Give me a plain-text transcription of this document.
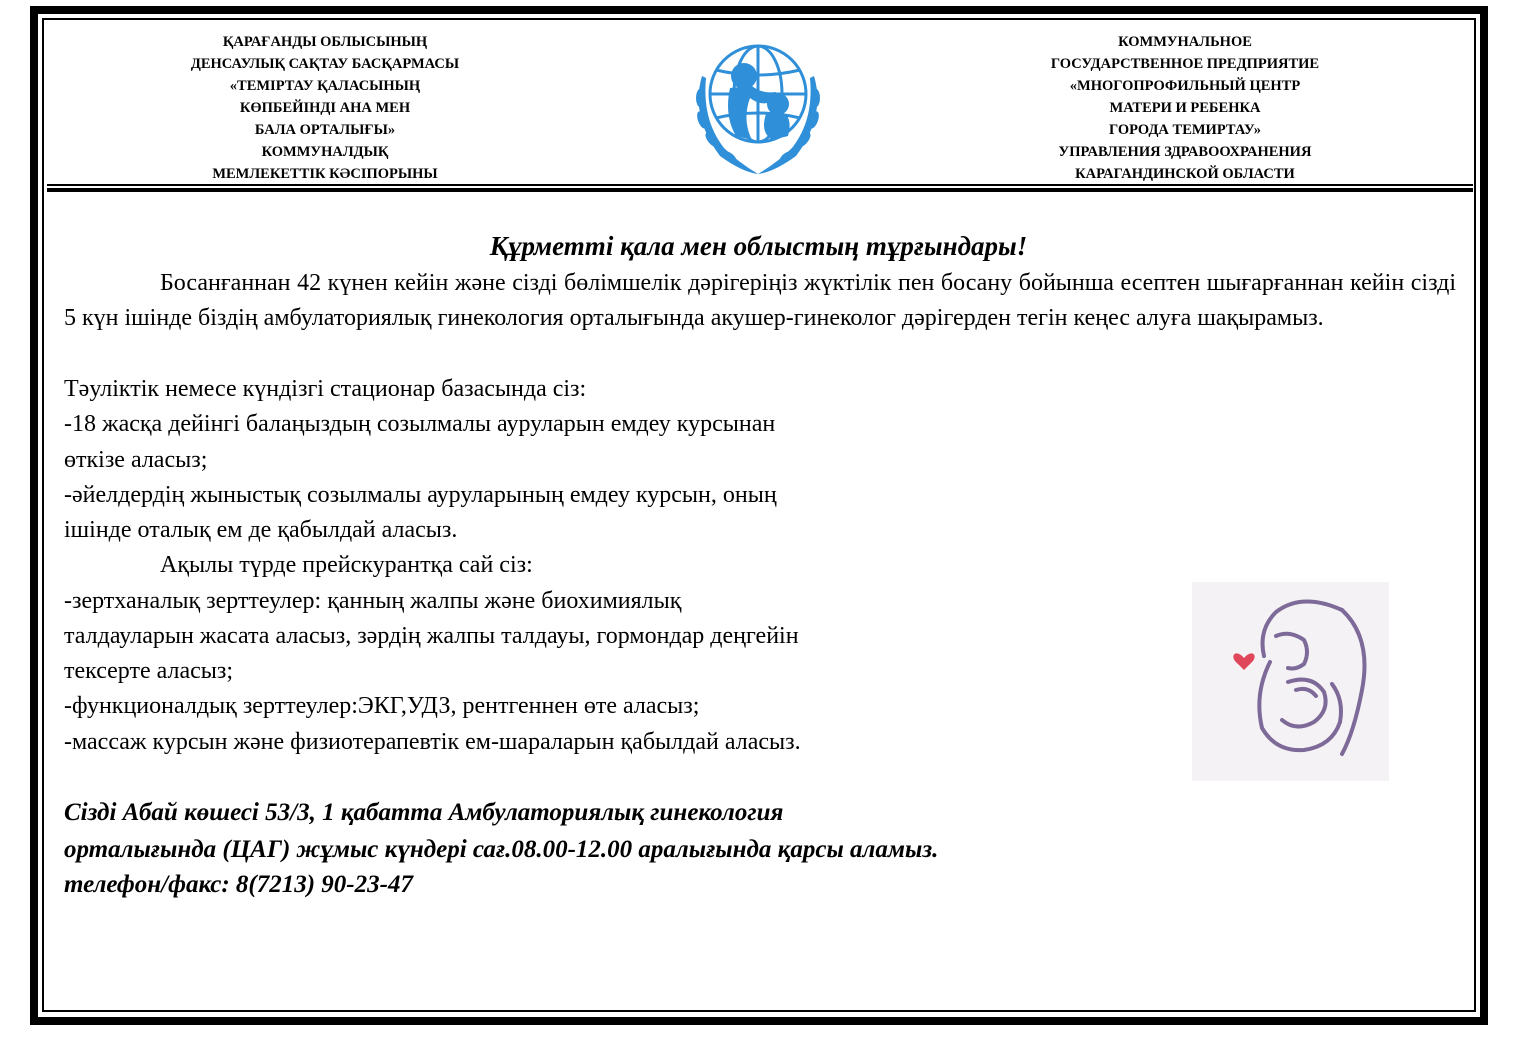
ҚАРАҒАНДЫ ОБЛЫСЫНЫҢ
ДЕНСАУЛЫҚ САҚТАУ БАСҚАРМАСЫ
«ТЕМІРТАУ ҚАЛАСЫНЫҢ
КӨПБЕЙІНДІ АНА МЕН
БАЛА ОРТАЛЫҒЫ»
КОММУНАЛДЫҚ
МЕМЛЕКЕТТІК КӘСІПОРЫНЫ
КОММУНАЛЬНОЕ
ГОСУДАРСТВЕННОЕ ПРЕДПРИЯТИЕ
«МНОГОПРОФИЛЬНЫЙ ЦЕНТР
МАТЕРИ И РЕБЕНКА
ГОРОДА ТЕМИРТАУ»
УПРАВЛЕНИЯ ЗДРАВООХРАНЕНИЯ
КАРАГАНДИНСКОЙ ОБЛАСТИ
Құрметті қала мен облыстың тұрғындары!
Босанғаннан 42 күнен кейін және сізді бөлімшелік дәрігеріңіз жүктілік пен босану бойынша есептен шығарғаннан кейін сізді 5 күн ішінде біздің амбулаториялық гинекология орталығында акушер-гинеколог дәрігерден тегін кеңес алуға шақырамыз.
Тәуліктік немесе күндізгі стационар базасында сіз:
-18 жасқа дейінгі балаңыздың созылмалы ауруларын емдеу курсынан
өткізе аласыз;
-әйелдердің жыныстық созылмалы ауруларының емдеу курсын, оның
ішінде оталық ем де қабылдай аласыз.
Ақылы түрде прейскурантқа сай сіз:
-зертханалық зерттеулер: қанның жалпы және биохимиялық
талдауларын жасата аласыз, зәрдің жалпы талдауы, гормондар деңгейін
тексерте аласыз;
-функционалдық зерттеулер:ЭКГ,УДЗ, рентгеннен өте аласыз;
-массаж курсын және физиотерапевтік ем-шараларын қабылдай аласыз.
Сізді Абай көшесі 53/3, 1 қабатта Амбулаториялық гинекология
орталығында (ЦАГ) жұмыс күндері сағ.08.00-12.00 аралығында қарсы аламыз.
телефон/факс: 8(7213) 90-23-47
